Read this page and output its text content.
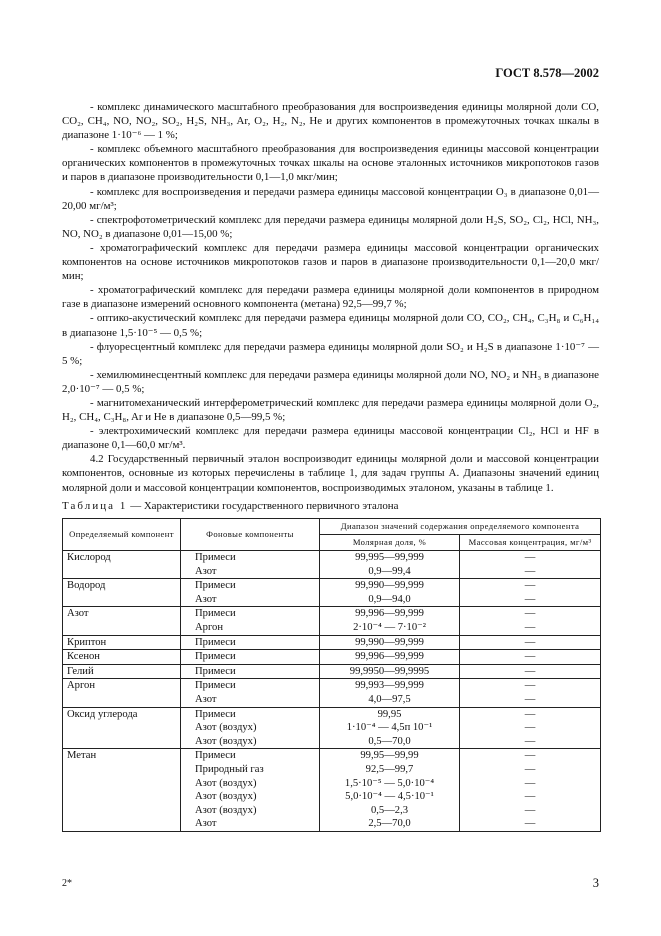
ГОСТ 8.578—2002

- комплекс динамического масштабного преобразования для воспроизведения единицы молярной доли CO, CO₂, CH₄, NO, NO₂, SO₂, H₂S, NH₃, Ar, O₂, H₂, N₂, He и других компонентов в промежуточных точках шкалы в диапазоне 1·10⁻⁶ — 1 %;

- комплекс объемного масштабного преобразования для воспроизведения единицы массовой концентрации органических компонентов в промежуточных точках шкалы на основе эталонных источников микропотоков газов и паров в диапазоне производительности 0,1—1,0 мкг/мин;

- комплекс для воспроизведения и передачи размера единицы массовой концентрации O₃ в диапазоне 0,01—20,00 мг/м³;

- спектрофотометрический комплекс для передачи размера единицы молярной доли H₂S, SO₂, Cl₂, HCl, NH₃, NO, NO₂ в диапазоне 0,01—15,00 %;

- хроматографический комплекс для передачи размера единицы массовой концентрации органических компонентов на основе источников микропотоков газов и паров в диапазоне производительности 0,1—20,0 мкг/мин;

- хроматографический комплекс для передачи размера единицы молярной доли компонентов в природном газе в диапазоне измерений основного компонента (метана) 92,5—99,7 %;

- оптико-акустический комплекс для передачи размера единицы молярной доли CO, CO₂, CH₄, C₃H₈ и C₆H₁₄ в диапазоне 1,5·10⁻⁵ — 0,5 %;

- флуоресцентный комплекс для передачи размера единицы молярной доли SO₂ и H₂S в диапазоне 1·10⁻⁷ — 5 %;

- хемилюминесцентный комплекс для передачи размера единицы молярной доли NO, NO₂ и NH₃ в диапазоне 2,0·10⁻⁷ — 0,5 %;

- магнитомеханический интерферометрический комплекс для передачи размера единицы молярной доли O₂, H₂, CH₄, C₃H₈, Ar и He в диапазоне 0,5—99,5 %;

- электрохимический комплекс для передачи размера единицы массовой концентрации Cl₂, HCl и HF в диапазоне 0,1—60,0 мг/м³.

4.2 Государственный первичный эталон воспроизводит единицы молярной доли и массовой концентрации компонентов, основные из которых перечислены в таблице 1, для задач группы А. Диапазоны значений единиц молярной доли и массовой концентрации компонентов, воспроизводимых эталоном, указаны в таблице 1.

Таблица 1 — Характеристики государственного первичного эталона
Определяемый компонент	Фоновые компоненты	Диапазон значений содержания определяемого компонента	
		Молярная доля, %	Массовая концентрация, мг/м³
Кислород	Примеси	99,995—99,999	—
	Азот	0,9—99,4	—
Водород	Примеси	99,990—99,999	—
	Азот	0,9—94,0	—
Азот	Примеси	99,996—99,999	—
	Аргон	2·10⁻⁴ — 7·10⁻²	—
Криптон	Примеси	99,990—99,999	—
Ксенон	Примеси	99,996—99,999	—
Гелий	Примеси	99,9950—99,9995	—
Аргон	Примеси	99,993—99,999	—
	Азот	4,0—97,5	—
Оксид углерода	Примеси	99,95	—
	Азот (воздух)	1·10⁻⁴ — 4,5п 10⁻¹	—
	Азот (воздух)	0,5—70,0	—
Метан	Примеси	99,95—99,99	—
	Природный газ	92,5—99,7	—
	Азот (воздух)	1,5·10⁻⁵ — 5,0·10⁻⁴	—
	Азот (воздух)	5,0·10⁻⁴ — 4,5·10⁻¹	—
	Азот (воздух)	0,5—2,3	—
	Азот	2,5—70,0	—
2*	3
